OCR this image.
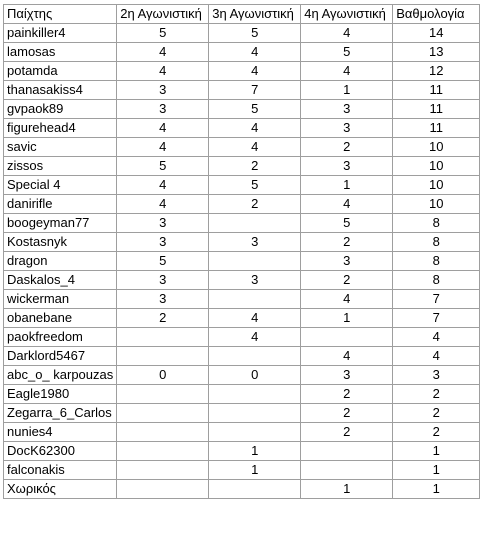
Παίχτης	2η Αγωνιστική	3η Αγωνιστική	4η Αγωνιστική	Βαθμολογία
painkiller4	5	5	4	14
lamosas	4	4	5	13
potamda	4	4	4	12
thanasakiss4	3	7	1	11
gvpaok89	3	5	3	11
figurehead4	4	4	3	11
savic	4	4	2	10
zissos	5	2	3	10
Special 4	4	5	1	10
danirifle	4	2	4	10
boogeyman77	3		5	8
Kostasnyk	3	3	2	8
dragon	5		3	8
Daskalos_4	3	3	2	8
wickerman	3		4	7
obanebane	2	4	1	7
paokfreedom		4		4
Darklord5467			4	4
abc_o_ karpouzas	0	0	3	3
Eagle1980			2	2
Zegarra_6_Carlos			2	2
nunies4			2	2
DocK62300		1		1
falconakis		1		1
Χωρικός			1	1
